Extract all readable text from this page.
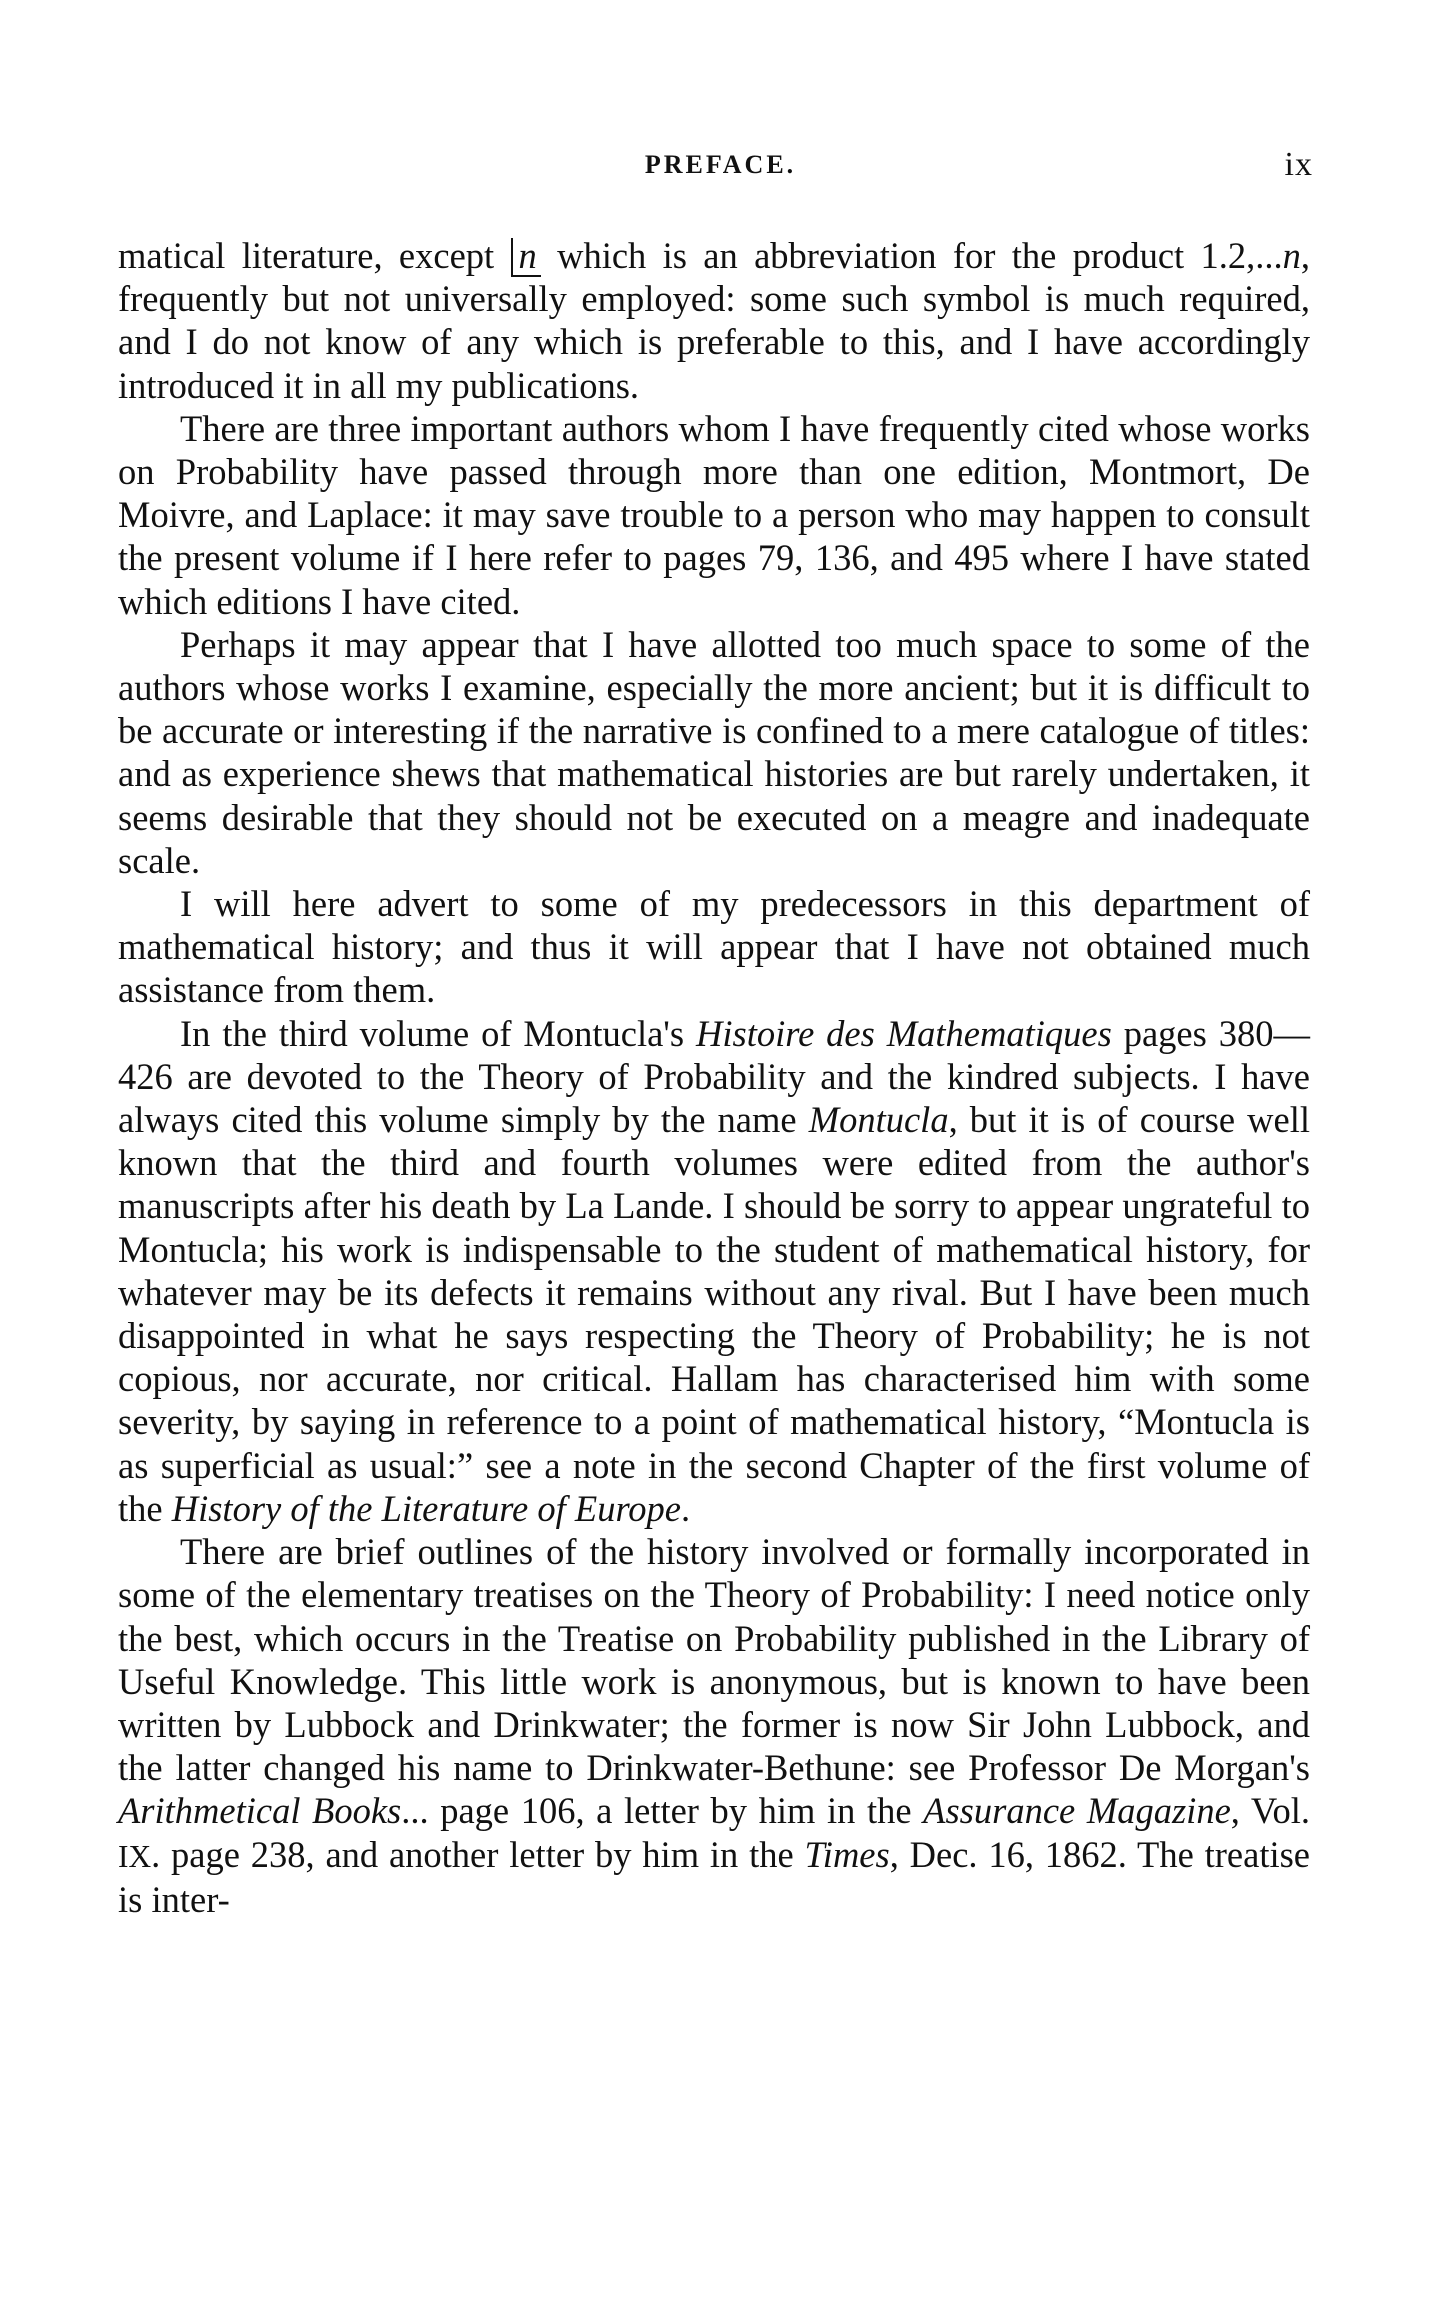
PREFACE.	ix

matical literature, except n which is an abbreviation for the product 1.2,...n, frequently but not universally employed: some such symbol is much required, and I do not know of any which is preferable to this, and I have accordingly introduced it in all my publications.

There are three important authors whom I have frequently cited whose works on Probability have passed through more than one edition, Montmort, De Moivre, and Laplace: it may save trouble to a person who may happen to consult the present volume if I here refer to pages 79, 136, and 495 where I have stated which editions I have cited.

Perhaps it may appear that I have allotted too much space to some of the authors whose works I examine, especially the more ancient; but it is difficult to be accurate or interesting if the narrative is confined to a mere catalogue of titles: and as experience shews that mathematical histories are but rarely undertaken, it seems desirable that they should not be executed on a meagre and inadequate scale.

I will here advert to some of my predecessors in this department of mathematical history; and thus it will appear that I have not obtained much assistance from them.

In the third volume of Montucla's Histoire des Mathematiques pages 380—426 are devoted to the Theory of Probability and the kindred subjects. I have always cited this volume simply by the name Montucla, but it is of course well known that the third and fourth volumes were edited from the author's manuscripts after his death by La Lande. I should be sorry to appear ungrateful to Montucla; his work is indispensable to the student of mathematical history, for whatever may be its defects it remains without any rival. But I have been much disappointed in what he says respecting the Theory of Probability; he is not copious, nor accurate, nor critical. Hallam has characterised him with some severity, by saying in reference to a point of mathematical history, “Montucla is as superficial as usual:” see a note in the second Chapter of the first volume of the History of the Literature of Europe.

There are brief outlines of the history involved or formally incorporated in some of the elementary treatises on the Theory of Probability: I need notice only the best, which occurs in the Treatise on Probability published in the Library of Useful Knowledge. This little work is anonymous, but is known to have been written by Lubbock and Drinkwater; the former is now Sir John Lubbock, and the latter changed his name to Drinkwater-Bethune: see Professor De Morgan's Arithmetical Books... page 106, a letter by him in the Assurance Magazine, Vol. IX. page 238, and another letter by him in the Times, Dec. 16, 1862. The treatise is inter-
